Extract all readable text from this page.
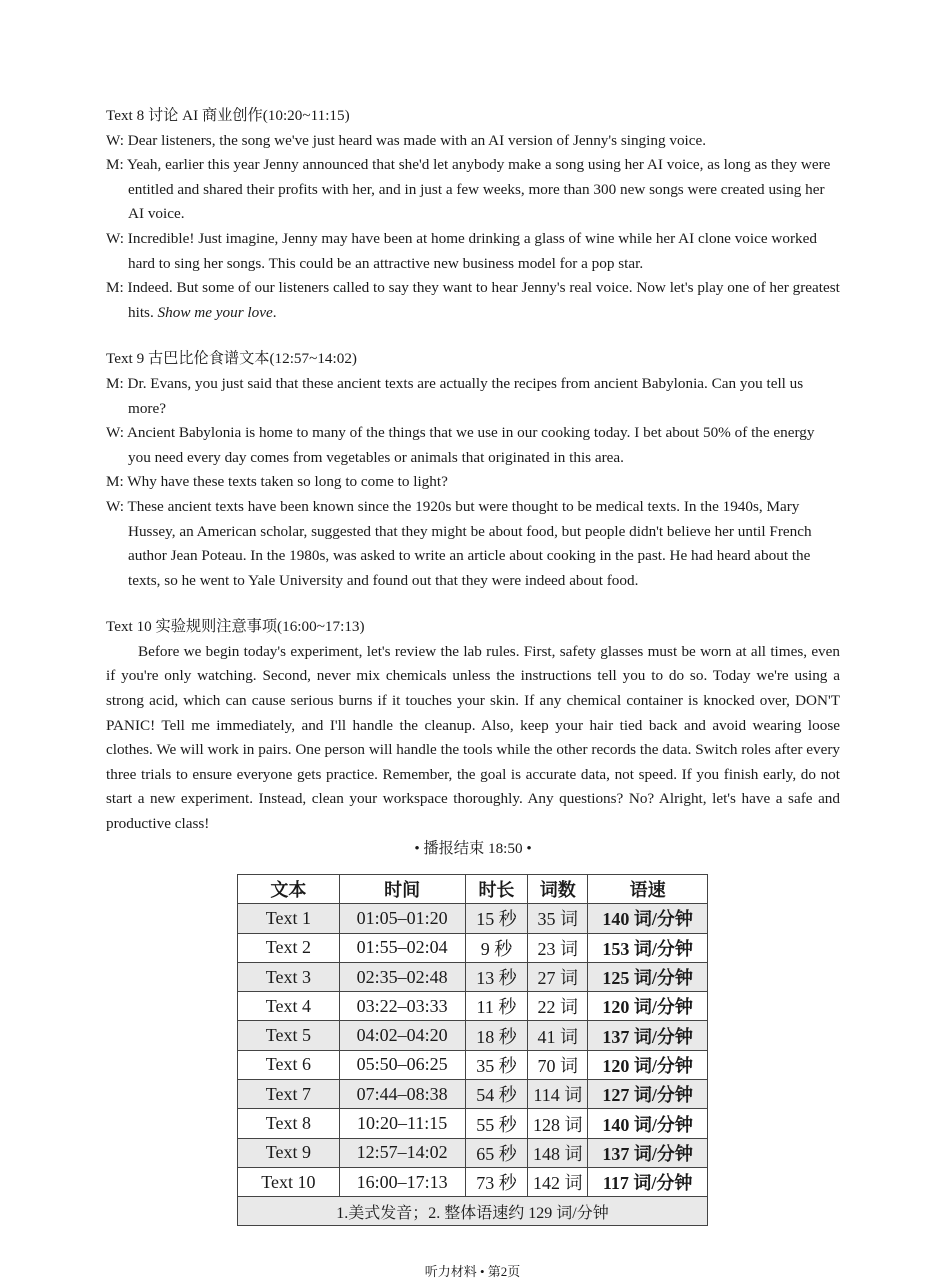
Text 8 讨论 AI 商业创作(10:20~11:15)

W: Dear listeners, the song we've just heard was made with an AI version of Jenny's singing voice.

M: Yeah, earlier this year Jenny announced that she'd let anybody make a song using her AI voice, as long as they were entitled and shared their profits with her, and in just a few weeks, more than 300 new songs were created using her AI voice.

W: Incredible! Just imagine, Jenny may have been at home drinking a glass of wine while her AI clone voice worked hard to sing her songs. This could be an attractive new business model for a pop star.

M: Indeed. But some of our listeners called to say they want to hear Jenny's real voice. Now let's play one of her greatest hits. Show me your love.

Text 9 古巴比伦食谱文本(12:57~14:02)

M: Dr. Evans, you just said that these ancient texts are actually the recipes from ancient Babylonia. Can you tell us more?

W: Ancient Babylonia is home to many of the things that we use in our cooking today. I bet about 50% of the energy you need every day comes from vegetables or animals that originated in this area.

M: Why have these texts taken so long to come to light?

W: These ancient texts have been known since the 1920s but were thought to be medical texts. In the 1940s, Mary Hussey, an American scholar, suggested that they might be about food, but people didn't believe her until French author Jean Poteau. In the 1980s, was asked to write an article about cooking in the past. He had heard about the texts, so he went to Yale University and found out that they were indeed about food.

Text 10 实验规则注意事项(16:00~17:13)

Before we begin today's experiment, let's review the lab rules. First, safety glasses must be worn at all times, even if you're only watching. Second, never mix chemicals unless the instructions tell you to do so. Today we're using a strong acid, which can cause serious burns if it touches your skin. If any chemical container is knocked over, DON'T PANIC! Tell me immediately, and I'll handle the cleanup. Also, keep your hair tied back and avoid wearing loose clothes. We will work in pairs. One person will handle the tools while the other records the data. Switch roles after every three trials to ensure everyone gets practice. Remember, the goal is accurate data, not speed. If you finish early, do not start a new experiment. Instead, clean your workspace thoroughly. Any questions? No? Alright, let's have a safe and productive class!

• 播报结束 18:50 •

文本	时间	时长	词数	语速
Text 1	01:05–01:20	15 秒	35 词	140 词/分钟
Text 2	01:55–02:04	9 秒	23 词	153 词/分钟
Text 3	02:35–02:48	13 秒	27 词	125 词/分钟
Text 4	03:22–03:33	11 秒	22 词	120 词/分钟
Text 5	04:02–04:20	18 秒	41 词	137 词/分钟
Text 6	05:50–06:25	35 秒	70 词	120 词/分钟
Text 7	07:44–08:38	54 秒	114 词	127 词/分钟
Text 8	10:20–11:15	55 秒	128 词	140 词/分钟
Text 9	12:57–14:02	65 秒	148 词	137 词/分钟
Text 10	16:00–17:13	73 秒	142 词	117 词/分钟
1.美式发音；2. 整体语速约 129 词/分钟				
听力材料 • 第2页
